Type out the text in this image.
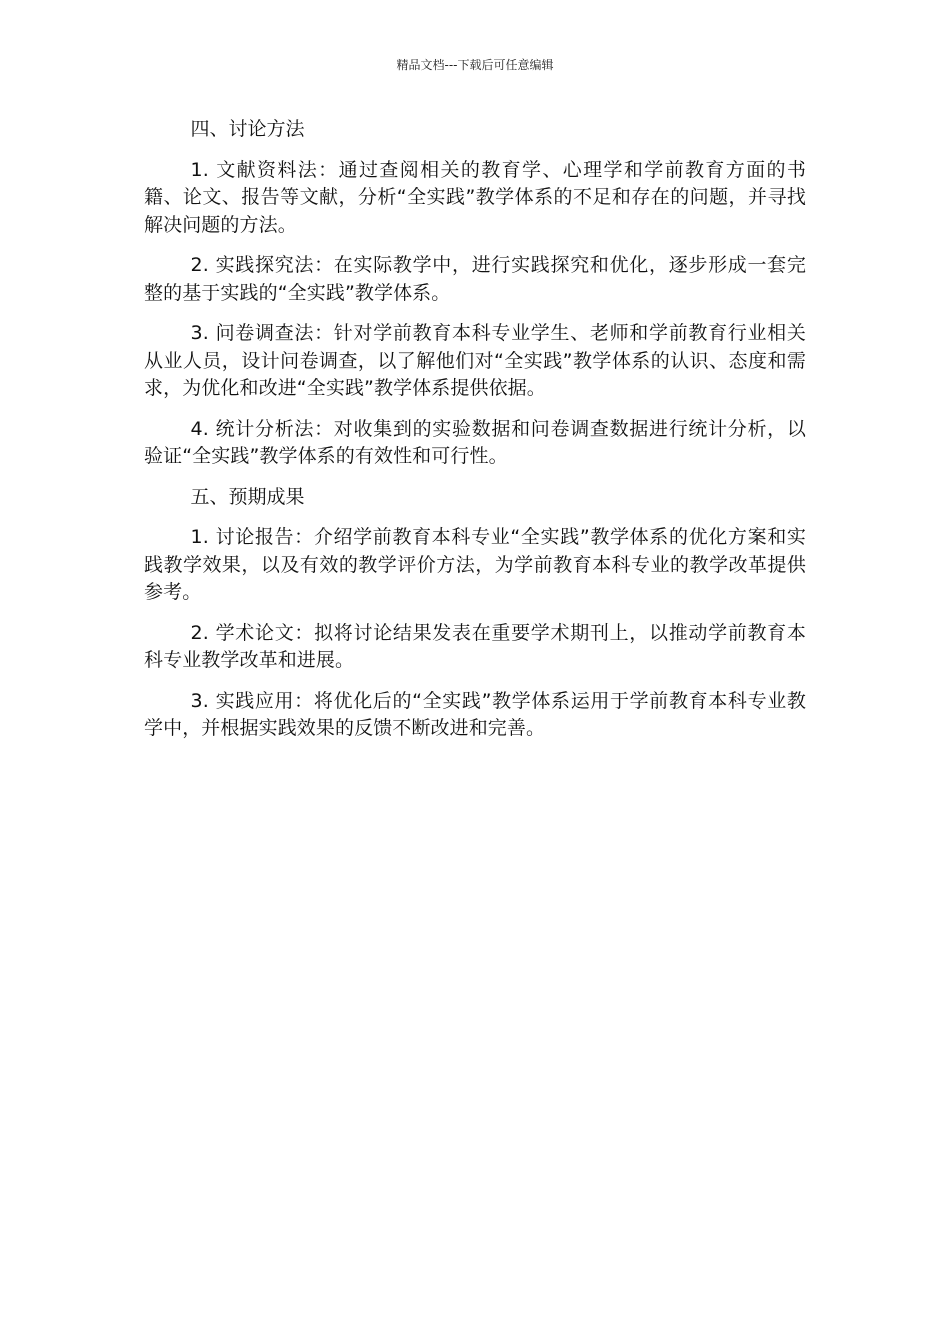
精品文档---下载后可任意编辑
四、讨论方法

1. 文献资料法：通过查阅相关的教育学、心理学和学前教育方面的书籍、论文、报告等文献，分析“全实践”教学体系的不足和存在的问题，并寻找解决问题的方法。

2. 实践探究法：在实际教学中，进行实践探究和优化，逐步形成一套完整的基于实践的“全实践”教学体系。

3. 问卷调查法：针对学前教育本科专业学生、老师和学前教育行业相关从业人员，设计问卷调查，以了解他们对“全实践”教学体系的认识、态度和需求，为优化和改进“全实践”教学体系提供依据。

4. 统计分析法：对收集到的实验数据和问卷调查数据进行统计分析，以验证“全实践”教学体系的有效性和可行性。

五、预期成果

1. 讨论报告：介绍学前教育本科专业“全实践”教学体系的优化方案和实践教学效果，以及有效的教学评价方法，为学前教育本科专业的教学改革提供参考。

2. 学术论文：拟将讨论结果发表在重要学术期刊上，以推动学前教育本科专业教学改革和进展。

3. 实践应用：将优化后的“全实践”教学体系运用于学前教育本科专业教学中，并根据实践效果的反馈不断改进和完善。
